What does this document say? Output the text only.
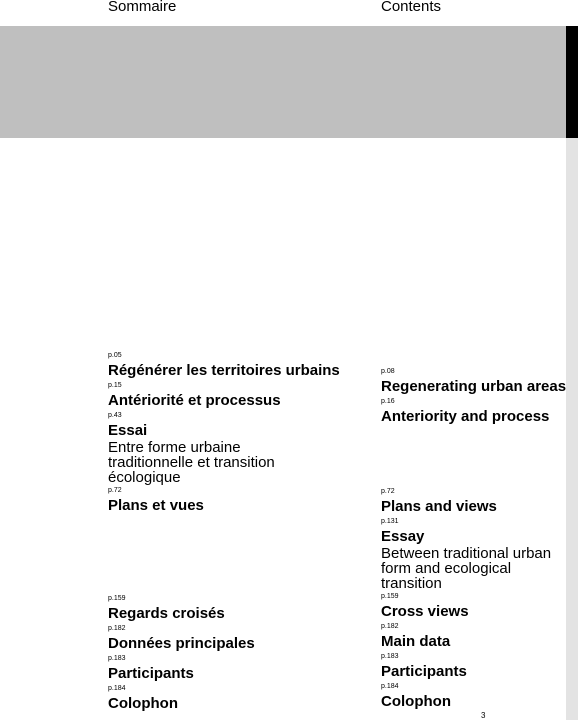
Sommaire	Contents
p.05
Régénérer les territoires urbains
p.15
Antériorité et processus
p.43
Essai
Entre forme urbaine traditionnelle et transition écologique
p.72
Plans et vues
p.159
Regards croisés
p.182
Données principales
p.183
Participants
p.184
Colophon
p.08
Regenerating urban areas
p.16
Anteriority and process
p.72
Plans and views
p.131
Essay
Between traditional urban form and ecological transition
p.159
Cross views
p.182
Main data
p.183
Participants
p.184
Colophon
3
